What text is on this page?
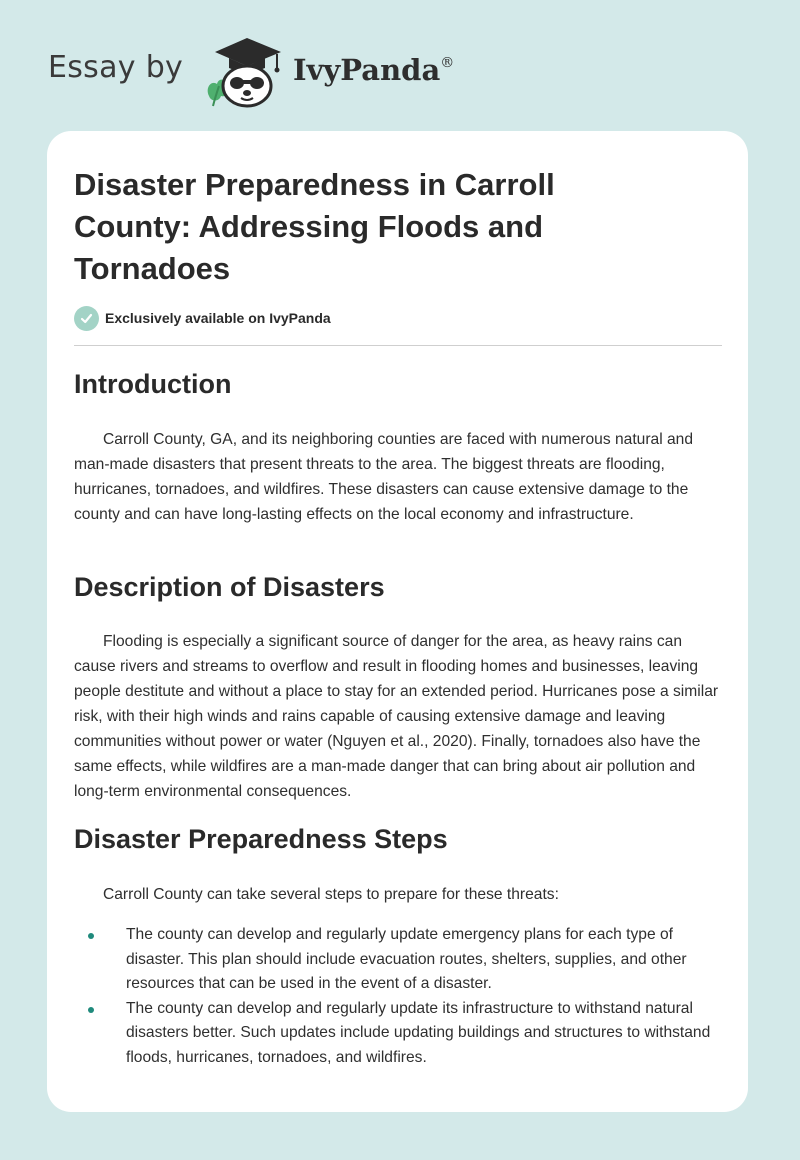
Essay by	IvyPanda®
Disaster Preparedness in Carroll County: Addressing Floods and Tornadoes
Exclusively available on IvyPanda
Introduction

Carroll County, GA, and its neighboring counties are faced with numerous natural and man-made disasters that present threats to the area. The biggest threats are flooding, hurricanes, tornadoes, and wildfires. These disasters can cause extensive damage to the county and can have long-lasting effects on the local economy and infrastructure.

Description of Disasters

Flooding is especially a significant source of danger for the area, as heavy rains can cause rivers and streams to overflow and result in flooding homes and businesses, leaving people destitute and without a place to stay for an extended period. Hurricanes pose a similar risk, with their high winds and rains capable of causing extensive damage and leaving communities without power or water (Nguyen et al., 2020). Finally, tornadoes also have the same effects, while wildfires are a man-made danger that can bring about air pollution and long-term environmental consequences.

Disaster Preparedness Steps

Carroll County can take several steps to prepare for these threats:

The county can develop and regularly update emergency plans for each type of disaster. This plan should include evacuation routes, shelters, supplies, and other resources that can be used in the event of a disaster.
The county can develop and regularly update its infrastructure to withstand natural disasters better. Such updates include updating buildings and structures to withstand floods, hurricanes, tornadoes, and wildfires.
